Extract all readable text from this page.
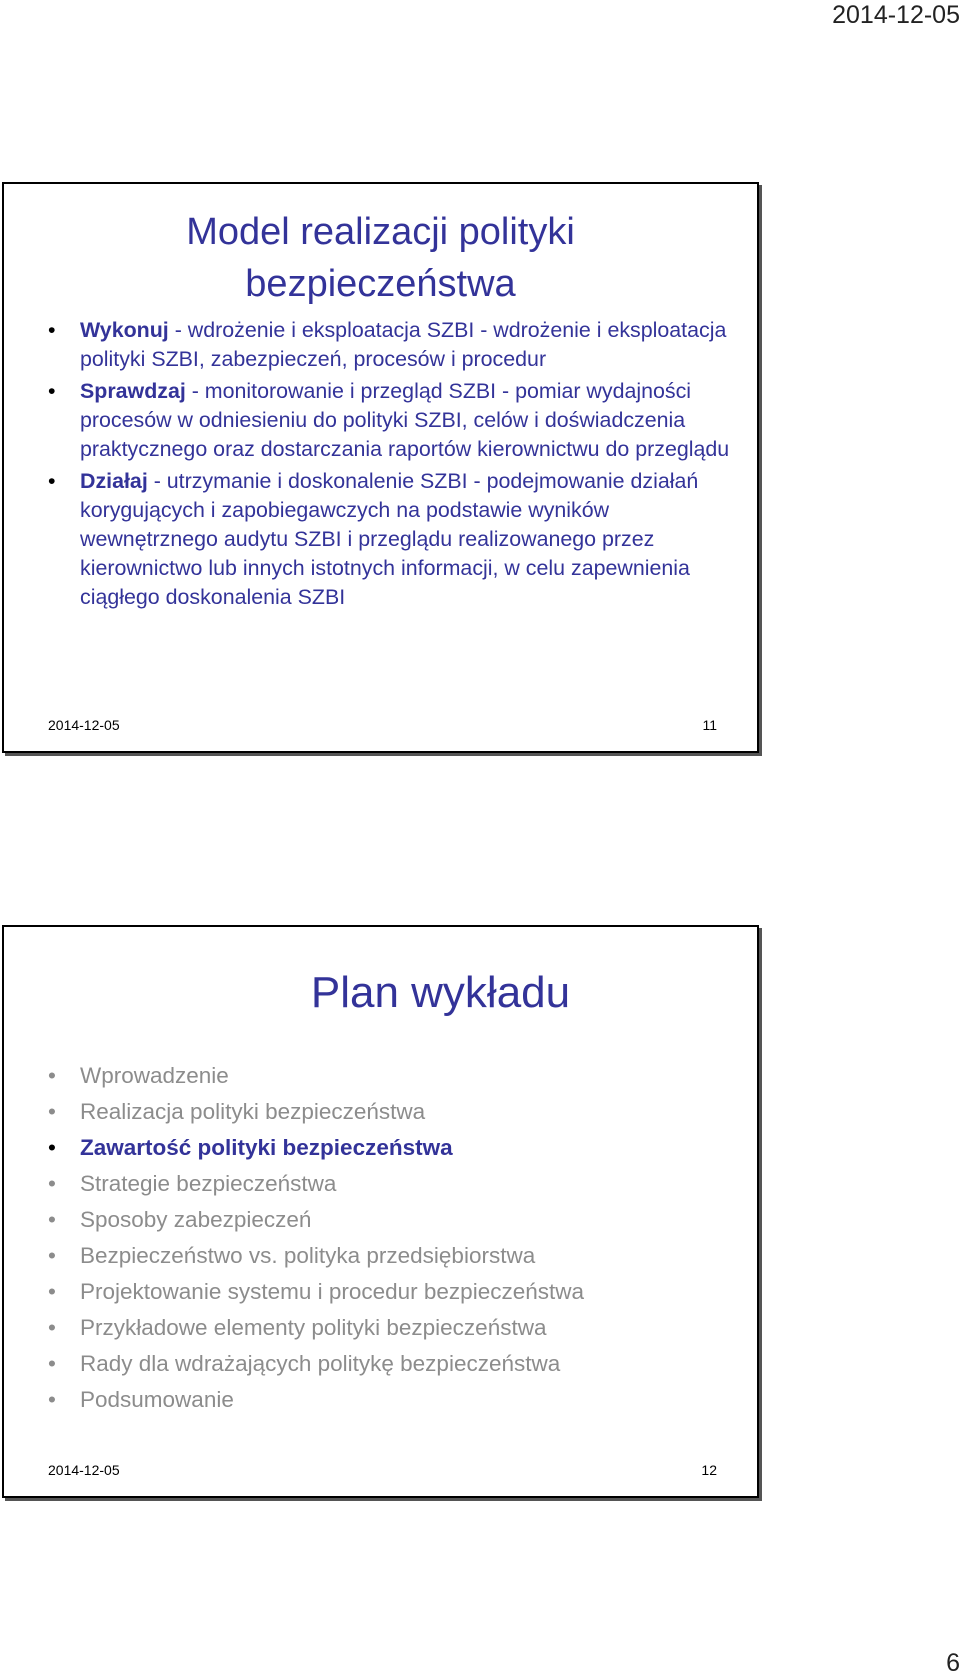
2014-12-05
Model realizacji polityki bezpieczeństwa
• Wykonuj - wdrożenie i eksploatacja SZBI - wdrożenie i eksploatacja polityki SZBI, zabezpieczeń, procesów i procedur
• Sprawdzaj - monitorowanie i przegląd SZBI - pomiar wydajności procesów w odniesieniu do polityki SZBI, celów i doświadczenia praktycznego oraz dostarczania raportów kierownictwu do przeglądu
• Działaj - utrzymanie i doskonalenie SZBI - podejmowanie działań korygujących i zapobiegawczych na podstawie wyników wewnętrznego audytu SZBI i przeglądu realizowanego przez kierownictwo lub innych istotnych informacji, w celu zapewnienia ciągłego doskonalenia SZBI
2014-12-05	11
Plan wykładu
• Wprowadzenie
• Realizacja polityki bezpieczeństwa
• Zawartość polityki bezpieczeństwa
• Strategie bezpieczeństwa
• Sposoby zabezpieczeń
• Bezpieczeństwo vs. polityka przedsiębiorstwa
• Projektowanie systemu i procedur bezpieczeństwa
• Przykładowe elementy polityki bezpieczeństwa
• Rady dla wdrażających politykę bezpieczeństwa
• Podsumowanie
2014-12-05	12
6
